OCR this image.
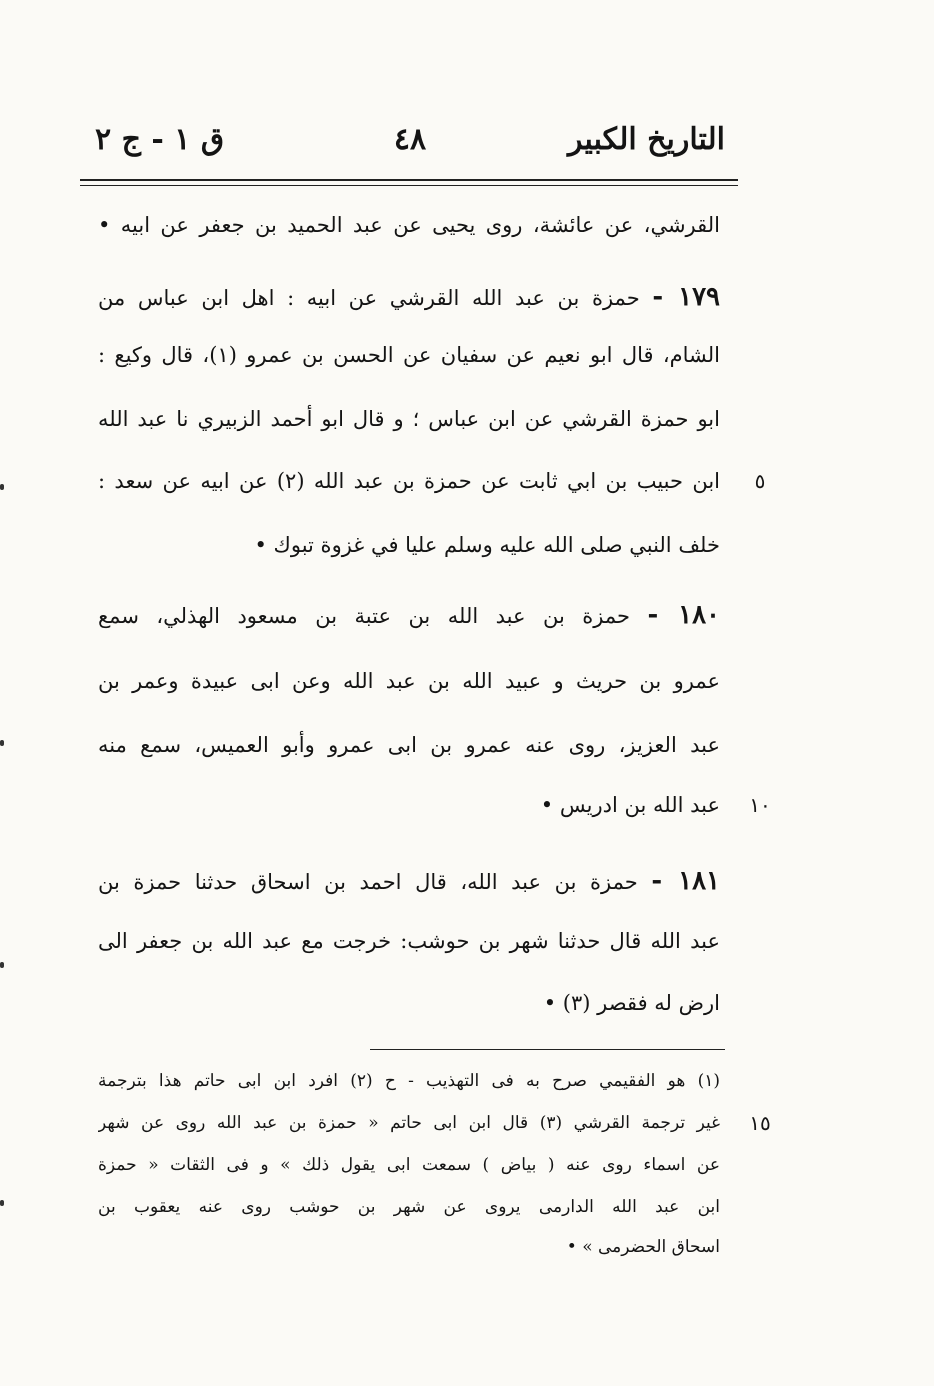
التاريخ الكبير
٤٨
ق ١ - ج ٢
القرشي، عن عائشة، روى يحيى عن عبد الحميد بن جعفر عن ابيه •
١٧٩ - حمزة بن عبد الله القرشي عن ابيه : اهل ابن عباس من
الشام، قال ابو نعيم عن سفيان عن الحسن بن عمرو (١)، قال وكيع :
ابو حمزة القرشي عن ابن عباس ؛ و قال ابو أحمد الزبيري نا عبد الله
ابن حبيب بن ابي ثابت عن حمزة بن عبد الله (٢) عن ابيه عن سعد :
خلف النبي صلى الله عليه وسلم عليا في غزوة تبوك •
١٨٠ - حمزة بن عبد الله بن عتبة بن مسعود الهذلي، سمع
عمرو بن حريث و عبيد الله بن عبد الله وعن ابى عبيدة وعمر بن
عبد العزيز، روى عنه عمرو بن ابى عمرو وأبو العميس، سمع منه
عبد الله بن ادريس •
١٨١ - حمزة بن عبد الله، قال احمد بن اسحاق حدثنا حمزة بن
عبد الله قال حدثنا شهر بن حوشب: خرجت مع عبد الله بن جعفر الى
ارض له فقصر (٣) •
٥
١٠
١٥
(١) هو الفقيمي صرح به فى التهذيب - ح (٢) افرد ابن ابى حاتم هذا بترجمة
غير ترجمة القرشي (٣) قال ابن ابى حاتم « حمزة بن عبد الله روى عن شهر
عن اسماء روى عنه ( بياض ) سمعت ابى يقول ذلك » و فى الثقات « حمزة
ابن عبد الله الدارمى يروى عن شهر بن حوشب روى عنه يعقوب بن
اسحاق الحضرمى » •
